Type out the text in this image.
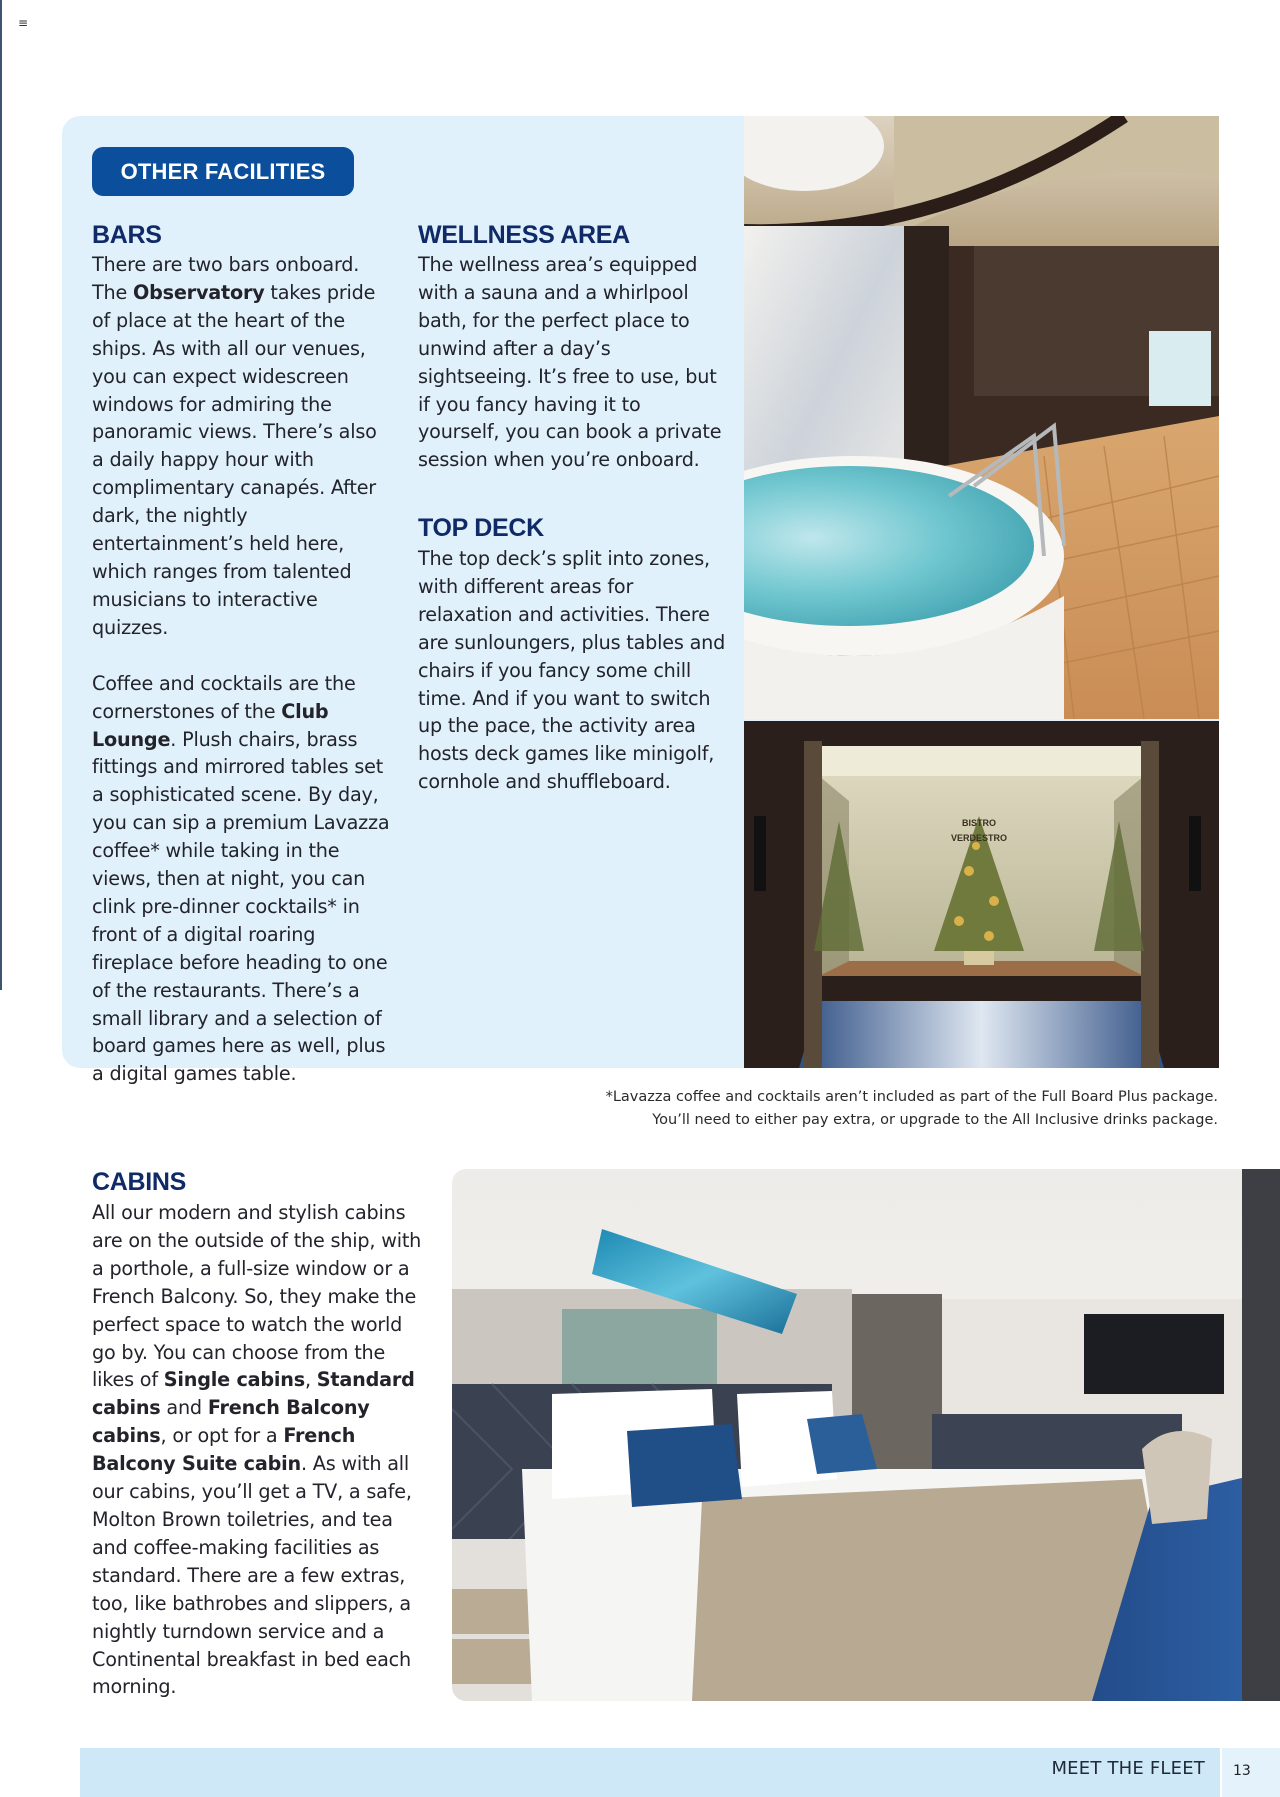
≡
OTHER FACILITIES
BARS
There are two bars onboard. The Observatory takes pride of place at the heart of the ships. As with all our venues, you can expect widescreen windows for admiring the panoramic views. There’s also a daily happy hour with complimentary canapés. After dark, the nightly entertainment’s held here, which ranges from talented musicians to interactive quizzes.
Coffee and cocktails are the cornerstones of the Club Lounge. Plush chairs, brass fittings and mirrored tables set a sophisticated scene. By day, you can sip a premium Lavazza coffee* while taking in the views, then at night, you can clink pre-dinner cocktails* in front of a digital roaring fireplace before heading to one of the restaurants. There’s a small library and a selection of board games here as well, plus a digital games table.
WELLNESS AREA
The wellness area’s equipped with a sauna and a whirlpool bath, for the perfect place to unwind after a day’s sightseeing. It’s free to use, but if you fancy having it to yourself, you can book a private session when you’re onboard.
TOP DECK
The top deck’s split into zones, with different areas for relaxation and activities. There are sunloungers, plus tables and chairs if you fancy some chill time. And if you want to switch up the pace, the activity area hosts deck games like minigolf, cornhole and shuffleboard.
BISTRO
VERDESTRO
*Lavazza coffee and cocktails aren’t included as part of the Full Board Plus package.
You’ll need to either pay extra, or upgrade to the All Inclusive drinks package.
CABINS
All our modern and stylish cabins are on the outside of the ship, with a porthole, a full-size window or a French Balcony. So, they make the perfect space to watch the world go by. You can choose from the likes of Single cabins, Standard cabins and French Balcony cabins, or opt for a French Balcony Suite cabin. As with all our cabins, you’ll get a TV, a safe, Molton Brown toiletries, and tea and coffee-making facilities as standard. There are a few extras, too, like bathrobes and slippers, a nightly turndown service and a Continental breakfast in bed each morning.
MEET THE FLEET 13
